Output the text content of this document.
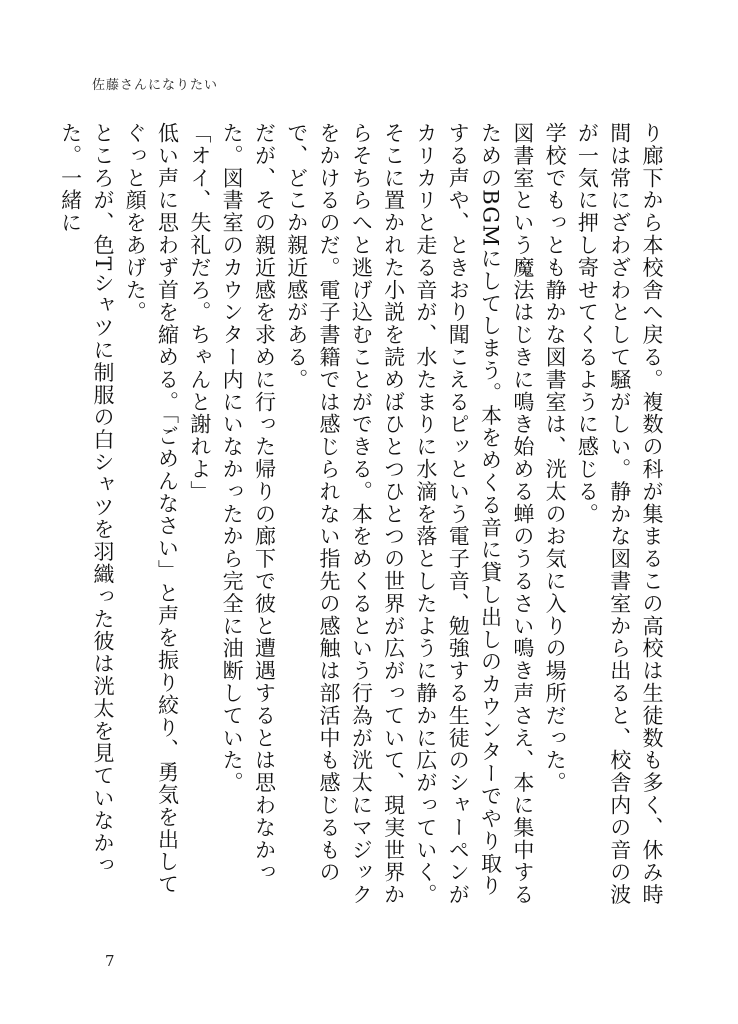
佐藤さんになりたい

り廊下から本校舎へ戻る。複数の科が集まるこの高校は生徒数も多く、休み時間は常にざわざわとして騒がしい。静かな図書室から出ると、校舎内の音の波が一気に押し寄せてくるように感じる。

学校でもっとも静かな図書室は、洸太のお気に入りの場所だった。

図書室という魔法はじきに鳴き始める蝉のうるさい鳴き声さえ、本に集中するためのBGMにしてしまう。本をめくる音に貸し出しのカウンターでやり取りする声や、ときおり聞こえるピッという電子音、勉強する生徒のシャーペンがカリカリと走る音が、水たまりに水滴を落としたように静かに広がっていく。

そこに置かれた小説を読めばひとつひとつの世界が広がっていて、現実世界からそちらへと逃げ込むことができる。本をめくるという行為が洸太にマジックをかけるのだ。電子書籍では感じられない指先の感触は部活中も感じるもので、どこか親近感がある。

だが、その親近感を求めに行った帰りの廊下で彼と遭遇するとは思わなかった。図書室のカウンター内にいなかったから完全に油断していた。

「オイ、失礼だろ。ちゃんと謝れよ」

低い声に思わず首を縮める。「ごめんなさい」と声を振り絞り、勇気を出してぐっと顔をあげた。

ところが、色Tシャツに制服の白シャツを羽織った彼は洸太を見ていなかった。一緒に

7
